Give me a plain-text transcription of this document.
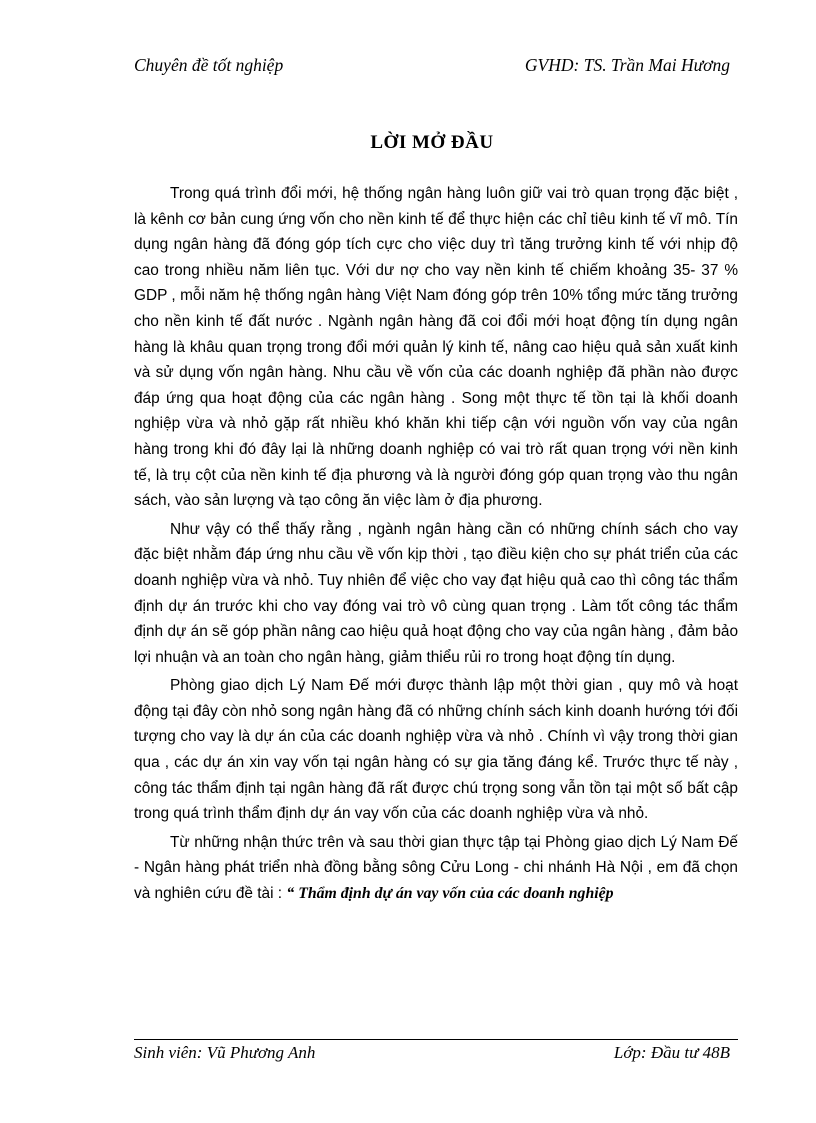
Chuyên đề tốt nghiệp	GVHD: TS. Trần Mai Hương
LỜI MỞ ĐẦU

Trong quá trình đổi mới, hệ thống ngân hàng luôn giữ vai trò quan trọng đặc biệt , là kênh cơ bản cung ứng vốn cho nền kinh tế để thực hiện các chỉ tiêu kinh tế vĩ mô. Tín dụng ngân hàng đã đóng góp tích cực cho việc duy trì tăng trưởng kinh tế với nhịp độ cao trong nhiều năm liên tục. Với dư nợ cho vay nền kinh tế chiếm khoảng 35- 37 % GDP , mỗi năm hệ thống ngân hàng Việt Nam đóng góp trên 10% tổng mức tăng trưởng cho nền kinh tế đất nước . Ngành ngân hàng đã coi đổi mới hoạt động tín dụng ngân hàng là khâu quan trọng trong đổi mới quản lý kinh tế, nâng cao hiệu quả sản xuất kinh và sử dụng vốn ngân hàng. Nhu cầu về vốn của các doanh nghiệp đã phần nào được đáp ứng qua hoạt động của các ngân hàng . Song một thực tế tồn tại là khối doanh nghiệp vừa và nhỏ gặp rất nhiều khó khăn khi tiếp cận với nguồn vốn vay của ngân hàng trong khi đó đây lại là những doanh nghiệp có vai trò rất quan trọng với nền kinh tế, là trụ cột của nền kinh tế địa phương và là người đóng góp quan trọng vào thu ngân sách, vào sản lượng và tạo công ăn việc làm ở địa phương.

Như vậy có thể thấy rằng , ngành ngân hàng cần có những chính sách cho vay đặc biệt nhằm đáp ứng nhu cầu về vốn kịp thời , tạo điều kiện cho sự phát triển của các doanh nghiệp vừa và nhỏ. Tuy nhiên để việc cho vay đạt hiệu quả cao thì công tác thẩm định dự án trước khi cho vay đóng vai trò vô cùng quan trọng . Làm tốt công tác thẩm định dự án sẽ góp phần nâng cao hiệu quả hoạt động cho vay của ngân hàng , đảm bảo lợi nhuận và an toàn cho ngân hàng, giảm thiểu rủi ro trong hoạt động tín dụng.

Phòng giao dịch Lý Nam Đế mới được thành lập một thời gian , quy mô và hoạt động tại đây còn nhỏ song ngân hàng đã có những chính sách kinh doanh hướng tới đối tượng cho vay là dự án của các doanh nghiệp vừa và nhỏ . Chính vì vậy trong thời gian qua , các dự án xin vay vốn tại ngân hàng có sự gia tăng đáng kể. Trước thực tế này , công tác thẩm định tại ngân hàng đã rất được chú trọng song vẫn tồn tại một số bất cập trong quá trình thẩm định dự án vay vốn của các doanh nghiệp vừa và nhỏ.

Từ những nhận thức trên và sau thời gian thực tập tại Phòng giao dịch Lý Nam Đế - Ngân hàng phát triển nhà đồng bằng sông Cửu Long - chi nhánh Hà Nội , em đã chọn và nghiên cứu đề tài : “ Thẩm định dự án vay vốn của các doanh nghiệp

Sinh viên: Vũ Phương Anh	Lớp: Đầu tư 48B
